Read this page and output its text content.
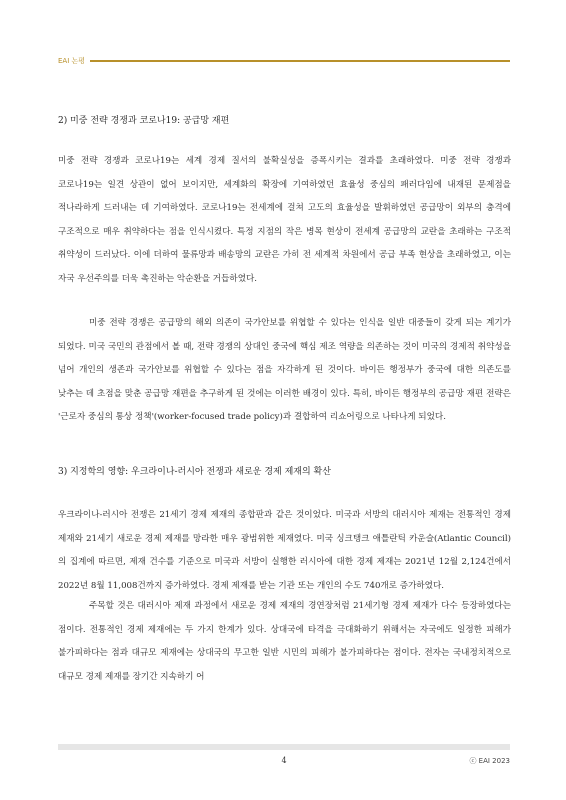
EAI 논평
2) 미중 전략 경쟁과 코로나19: 공급망 재편

미중 전략 경쟁과 코로나19는 세계 경제 질서의 불확실성을 증폭시키는 결과를 초래하였다. 미중 전략 경쟁과 코로나19는 일견 상관이 없어 보이지만, 세계화의 확장에 기여하였던 효율성 중심의 패러다임에 내재된 문제점을 적나라하게 드러내는 데 기여하였다. 코로나19는 전세계에 걸쳐 고도의 효율성을 발휘하였던 공급망이 외부의 충격에 구조적으로 매우 취약하다는 점을 인식시켰다. 특정 지점의 작은 병목 현상이 전세계 공급망의 교란을 초래하는 구조적 취약성이 드러났다. 이에 더하여 물류망과 배송망의 교란은 가히 전 세계적 차원에서 공급 부족 현상을 초래하였고, 이는 자국 우선주의를 더욱 촉진하는 악순환을 거듭하였다.

미중 전략 경쟁은 공급망의 해외 의존이 국가안보를 위협할 수 있다는 인식을 일반 대중들이 갖게 되는 계기가 되었다. 미국 국민의 관점에서 볼 때, 전략 경쟁의 상대인 중국에 핵심 제조 역량을 의존하는 것이 미국의 경제적 취약성을 넘어 개인의 생존과 국가안보를 위협할 수 있다는 점을 자각하게 된 것이다. 바이든 행정부가 중국에 대한 의존도를 낮추는 데 초점을 맞춘 공급망 재편을 추구하게 된 것에는 이러한 배경이 있다. 특히, 바이든 행정부의 공급망 재편 전략은 '근로자 중심의 통상 정책'(worker-focused trade policy)과 결합하여 리쇼어링으로 나타나게 되었다.

3) 지정학의 영향: 우크라이나-러시아 전쟁과 새로운 경제 제재의 확산

우크라이나-러시아 전쟁은 21세기 경제 제재의 종합판과 같은 것이었다. 미국과 서방의 대러시아 제재는 전통적인 경제 제재와 21세기 새로운 경제 제재를 망라한 매우 광범위한 제재였다. 미국 싱크탱크 애틀란틱 카운슬(Atlantic Council)의 집계에 따르면, 제재 건수를 기준으로 미국과 서방이 실행한 러시아에 대한 경제 제재는 2021년 12월 2,124건에서 2022년 8월 11,008건까지 증가하였다. 경제 제재를 받는 기관 또는 개인의 수도 740개로 증가하였다.

주목할 것은 대러시아 제재 과정에서 새로운 경제 제재의 경연장처럼 21세기형 경제 제재가 다수 등장하였다는 점이다. 전통적인 경제 제재에는 두 가지 한계가 있다. 상대국에 타격을 극대화하기 위해서는 자국에도 일정한 피해가 불가피하다는 점과 대규모 제재에는 상대국의 무고한 일반 시민의 피해가 불가피하다는 점이다. 전자는 국내정치적으로 대규모 경제 제재를 장기간 지속하기 어

4	ⓒ EAI 2023
